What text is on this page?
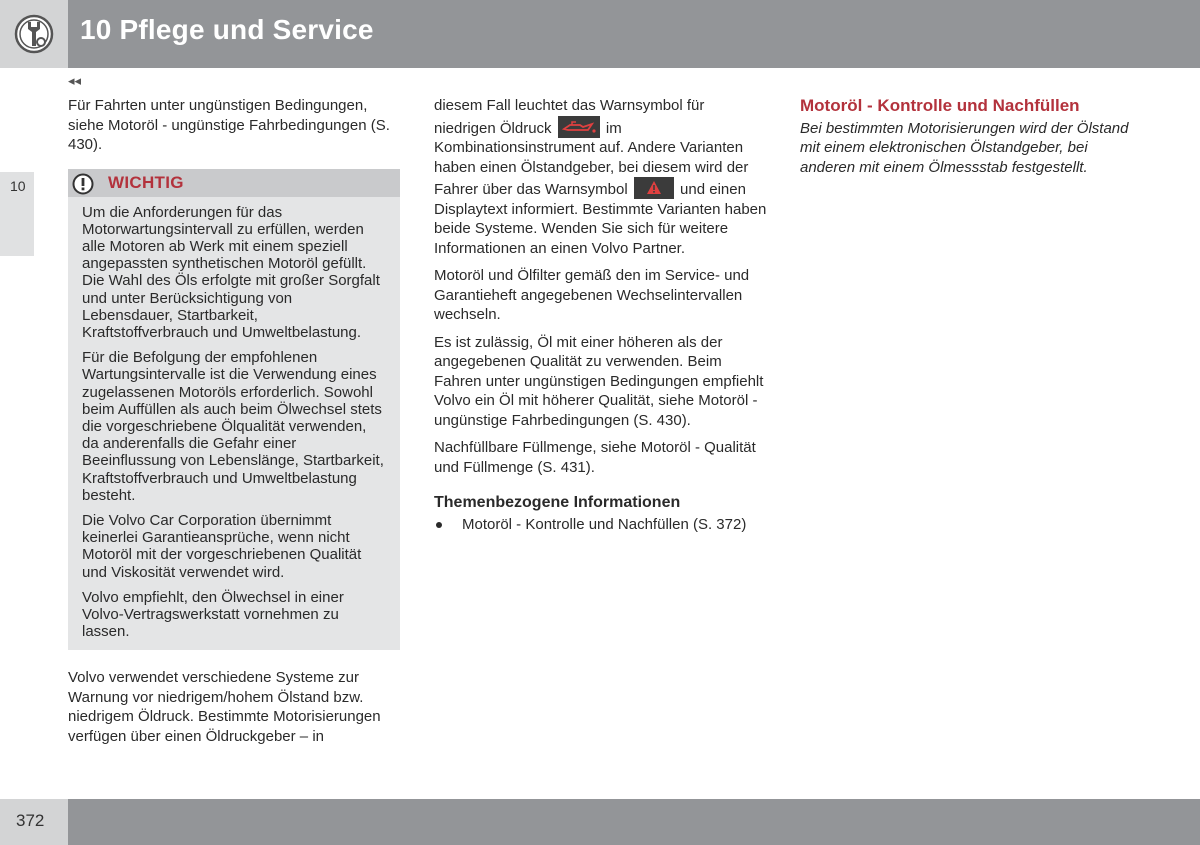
10 Pflege und Service
◂◂
10

Für Fahrten unter ungünstigen Bedingungen, siehe Motoröl - ungünstige Fahrbedingungen (S. 430).

WICHTIG

Um die Anforderungen für das Motorwartungsintervall zu erfüllen, werden alle Motoren ab Werk mit einem speziell angepassten synthetischen Motoröl gefüllt. Die Wahl des Öls erfolgte mit großer Sorgfalt und unter Berücksichtigung von Lebensdauer, Startbarkeit, Kraftstoffverbrauch und Umweltbelastung.

Für die Befolgung der empfohlenen Wartungsintervalle ist die Verwendung eines zugelassenen Motoröls erforderlich. Sowohl beim Auffüllen als auch beim Ölwechsel stets die vorgeschriebene Ölqualität verwenden, da anderenfalls die Gefahr einer Beeinflussung von Lebenslänge, Startbarkeit, Kraftstoffverbrauch und Umweltbelastung besteht.

Die Volvo Car Corporation übernimmt keinerlei Garantieansprüche, wenn nicht Motoröl mit der vorgeschriebenen Qualität und Viskosität verwendet wird.

Volvo empfiehlt, den Ölwechsel in einer Volvo-Vertragswerkstatt vornehmen zu lassen.

Volvo verwendet verschiedene Systeme zur Warnung vor niedrigem/hohem Ölstand bzw. niedrigem Öldruck. Bestimmte Motorisierungen verfügen über einen Öldruckgeber – in

diesem Fall leuchtet das Warnsymbol für niedrigen Öldruck	im Kombinationsinstrument auf. Andere Varianten haben einen Ölstandgeber, bei diesem wird der Fahrer über das Warnsymbol	und einen Displaytext informiert. Bestimmte Varianten haben beide Systeme. Wenden Sie sich für weitere Informationen an einen Volvo Partner.

Motoröl und Ölfilter gemäß den im Service- und Garantieheft angegebenen Wechselintervallen wechseln.

Es ist zulässig, Öl mit einer höheren als der angegebenen Qualität zu verwenden. Beim Fahren unter ungünstigen Bedingungen empfiehlt Volvo ein Öl mit höherer Qualität, siehe Motoröl - ungünstige Fahrbedingungen (S. 430).

Nachfüllbare Füllmenge, siehe Motoröl - Qualität und Füllmenge (S. 431).

Themenbezogene Informationen
Motoröl - Kontrolle und Nachfüllen (S. 372)
Motoröl - Kontrolle und Nachfüllen

Bei bestimmten Motorisierungen wird der Ölstand mit einem elektronischen Ölstandgeber, bei anderen mit einem Ölmessstab festgestellt.

372
